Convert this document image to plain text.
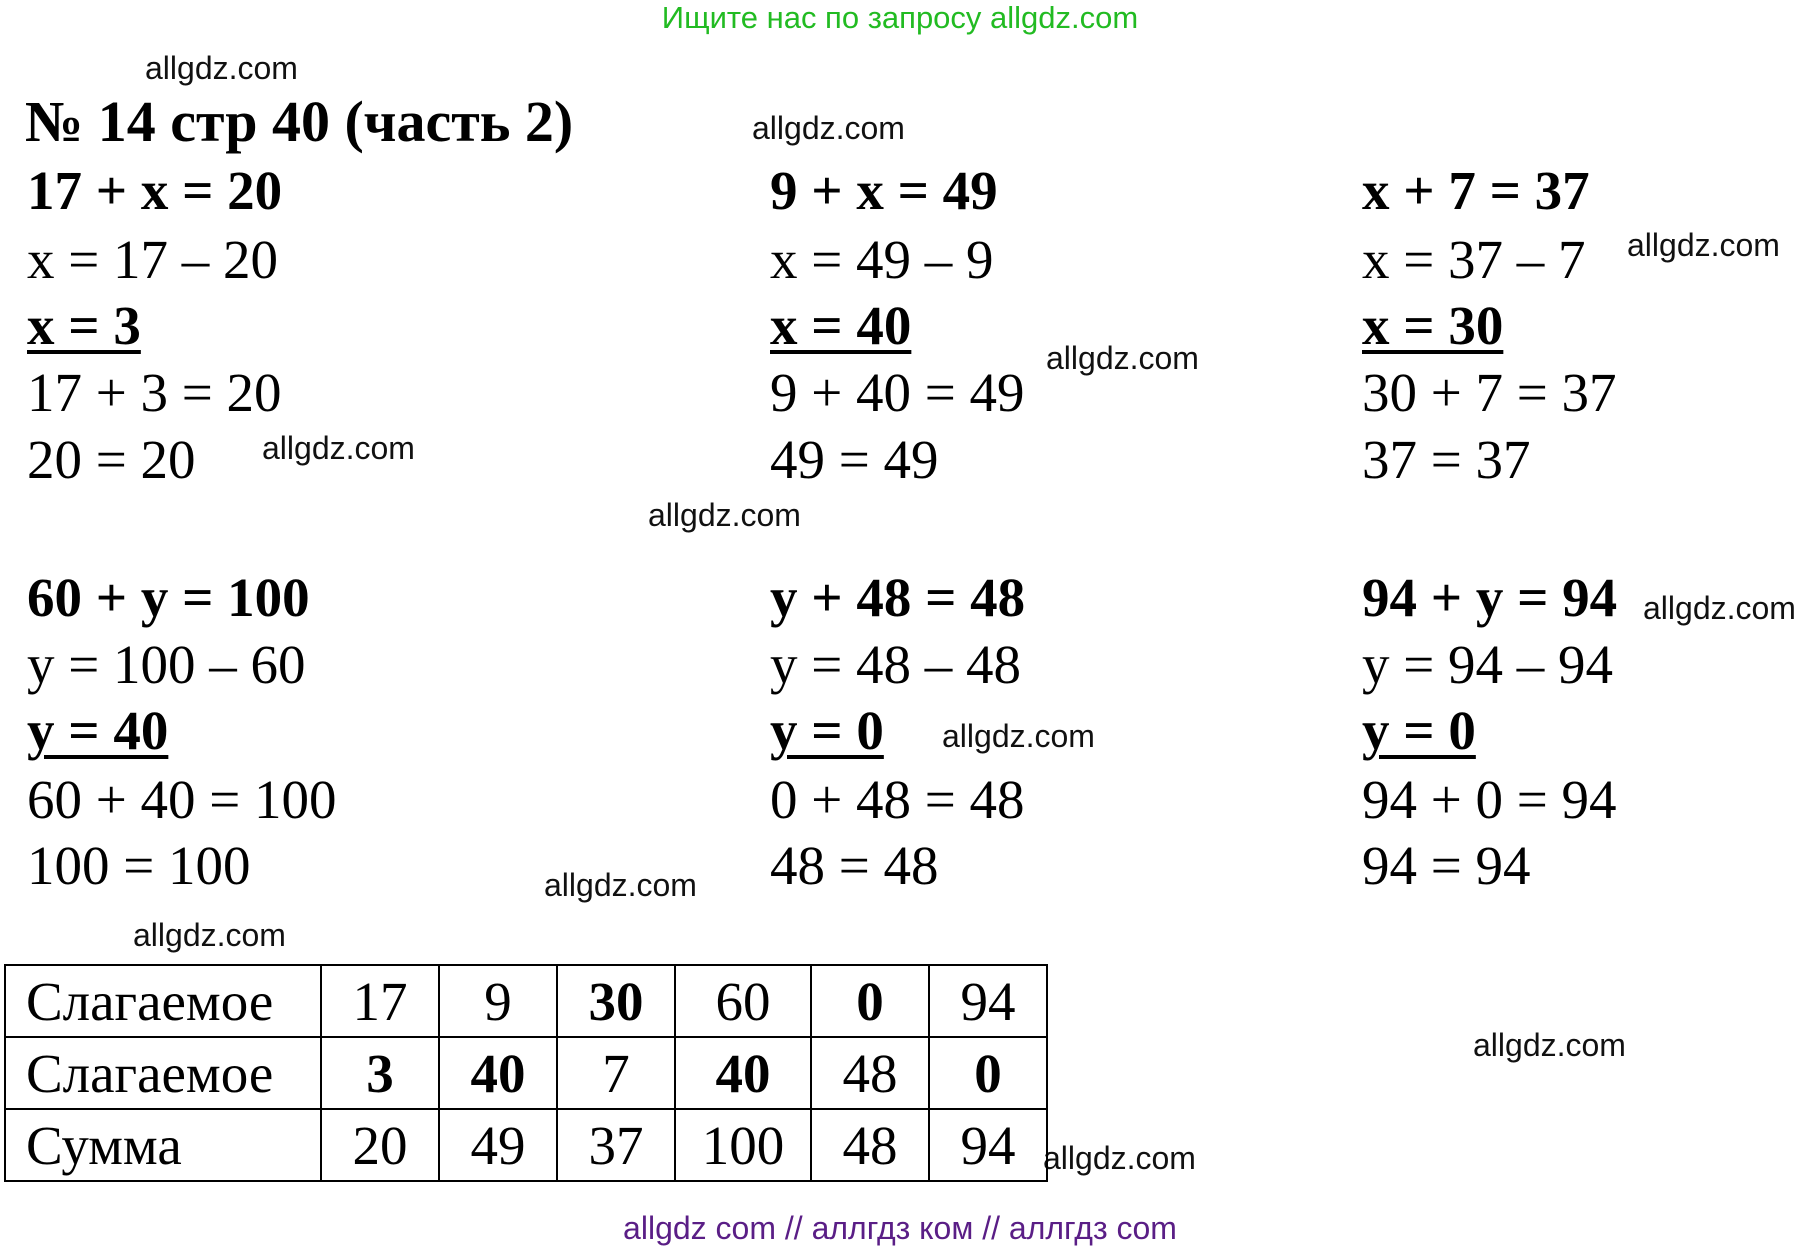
Ищите нас по запросу allgdz.com
allgdz.com
allgdz.com
allgdz.com
allgdz.com
allgdz.com
allgdz.com
allgdz.com
allgdz.com
allgdz.com
allgdz.com
allgdz.com
allgdz.com
№ 14 стр 40 (часть 2)
17 + x = 20
x = 17 – 20
x = 3
17 + 3 = 20
20 = 20
9 + x = 49
x = 49 – 9
x = 40
9 + 40 = 49
49 = 49
x + 7 = 37
x = 37 – 7
x = 30
30 + 7 = 37
37 = 37
60 + y = 100
y = 100 – 60
y = 40
60 + 40 = 100
100 = 100
y + 48 = 48
y = 48 – 48
y = 0
0 + 48 = 48
48 = 48
94 + y = 94
y = 94 – 94
y = 0
94 + 0 = 94
94 = 94
Слагаемое	17	9	30	60	0	94
Слагаемое	3	40	7	40	48	0
Сумма	20	49	37	100	48	94
allgdz com // аллгдз ком // аллгдз com
